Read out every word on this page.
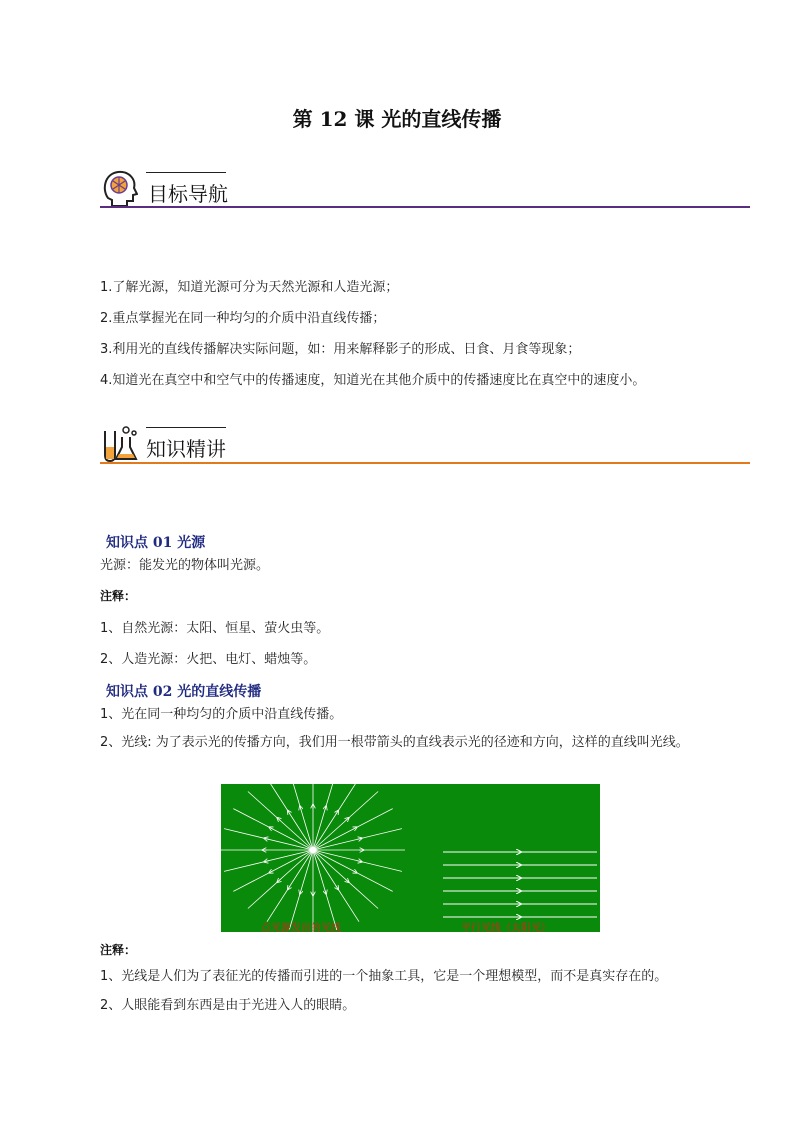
第 12 课 光的直线传播
目标导航
1.了解光源，知道光源可分为天然光源和人造光源；
2.重点掌握光在同一种均匀的介质中沿直线传播；
3.利用光的直线传播解决实际问题，如：用来解释影子的形成、日食、月食等现象；
4.知道光在真空中和空气中的传播速度，知道光在其他介质中的传播速度比在真空中的速度小。
知识精讲
知识点 01 光源
光源：能发光的物体叫光源。
注释：
1、自然光源：太阳、恒星、萤火虫等。
2、人造光源：火把、电灯、蜡烛等。
知识点 02 光的直线传播
1、光在同一种均匀的介质中沿直线传播。
2、光线: 为了表示光的传播方向，我们用一根带箭头的直线表示光的径迹和方向，这样的直线叫光线。
点光源发出的光线	平行光线（太阳光）
注释：
1、光线是人们为了表征光的传播而引进的一个抽象工具，它是一个理想模型，而不是真实存在的。
2、人眼能看到东西是由于光进入人的眼睛。
